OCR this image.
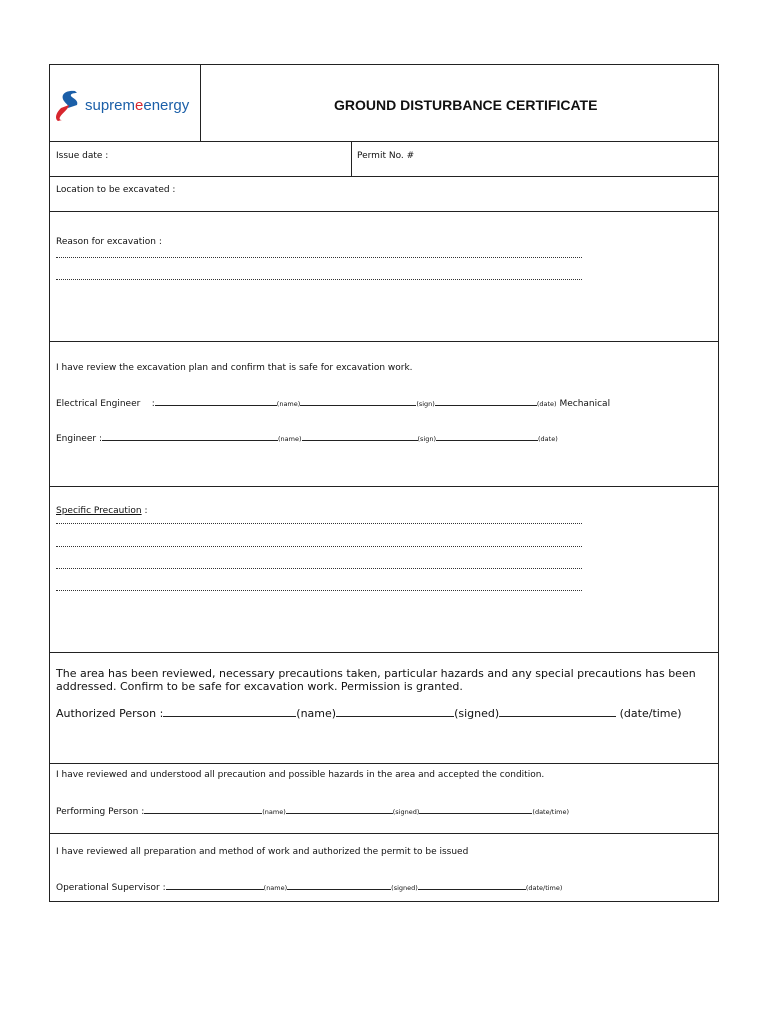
supremeenergy	GROUND DISTURBANCE CERTIFICATE
Issue date :	Permit No. #
Location to be excavated :
Reason for excavation :
I have review the excavation plan and confirm that is safe for excavation work.
Electrical Engineer    :	(name)	(sign)	(date) Mechanical
Engineer :	(name)	(sign)	(date)
Specific Precaution :
The area has been reviewed, necessary precautions taken, particular hazards and any special precautions has been addressed. Confirm to be safe for excavation work. Permission is granted.
Authorized Person :	(name)	(signed)	(date/time)
I have reviewed and understood all precaution and possible hazards in the area and accepted the condition.
Performing Person :	(name)	(signed)	(date/time)
I have reviewed all preparation and method of work and authorized the permit to be issued
Operational Supervisor :	(name)	(signed)	(date/time)
